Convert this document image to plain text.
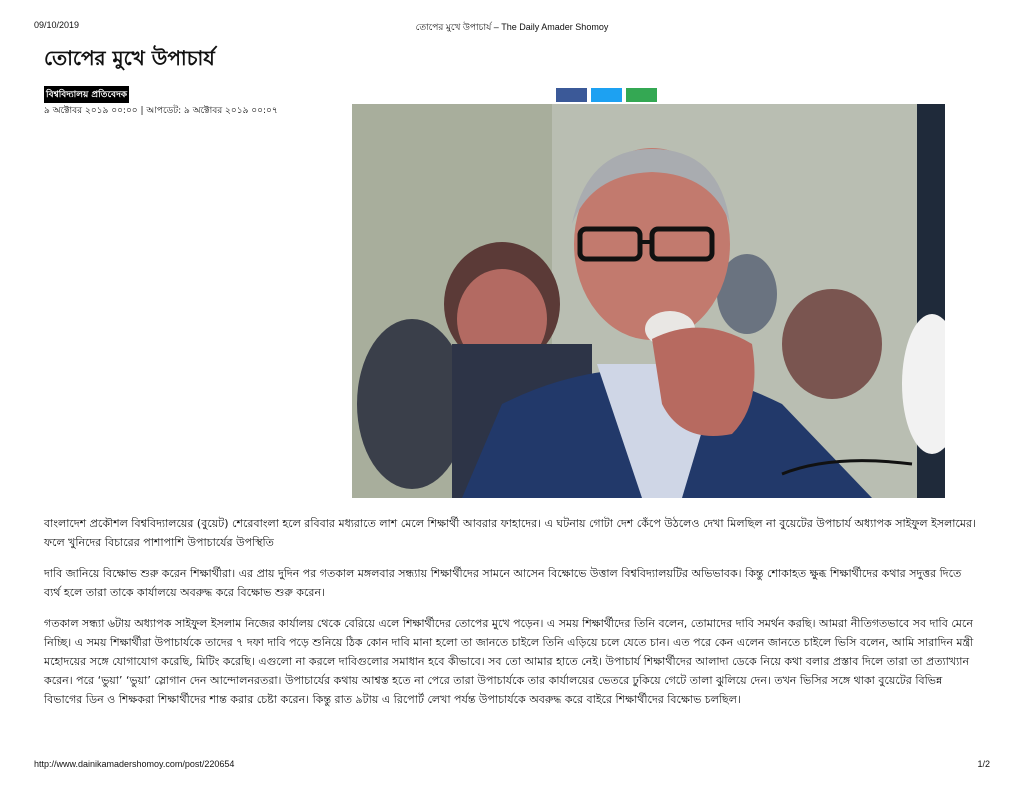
09/10/2019	তোপের মুখে উপাচার্য – The Daily Amader Shomoy
তোপের মুখে উপাচার্য
বিশ্ববিদ্যালয় প্রতিবেদক
৯ অক্টোবর ২০১৯ ০০:০০ | আপডেট: ৯ অক্টোবর ২০১৯ ০০:০৭

বাংলাদেশ প্রকৌশল বিশ্ববিদ্যালয়ের (বুয়েট) শেরেবাংলা হলে রবিবার মধ্যরাতে লাশ মেলে শিক্ষার্থী আবরার ফাহাদের। এ ঘটনায় গোটা দেশ কেঁপে উঠলেও দেখা মিলছিল না বুয়েটের উপাচার্য অধ্যাপক সাইফুল ইসলামের। ফলে খুনিদের বিচারের পাশাপাশি উপাচার্যের উপস্থিতি

দাবি জানিয়ে বিক্ষোভ শুরু করেন শিক্ষার্থীরা। এর প্রায় দুদিন পর গতকাল মঙ্গলবার সন্ধ্যায় শিক্ষার্থীদের সামনে আসেন বিক্ষোভে উত্তাল বিশ্ববিদ্যালয়টির অভিভাবক। কিন্তু শোকাহত ক্ষুব্ধ শিক্ষার্থীদের কথার সদুত্তর দিতে ব্যর্থ হলে তারা তাকে কার্যালয়ে অবরুদ্ধ করে বিক্ষোভ শুরু করেন।

গতকাল সন্ধ্যা ৬টায় অধ্যাপক সাইফুল ইসলাম নিজের কার্যালয় থেকে বেরিয়ে এলে শিক্ষার্থীদের তোপের মুখে পড়েন। এ সময় শিক্ষার্থীদের তিনি বলেন, তোমাদের দাবি সমর্থন করছি। আমরা নীতিগতভাবে সব দাবি মেনে নিচ্ছি। এ সময় শিক্ষার্থীরা উপাচার্যকে তাদের ৭ দফা দাবি পড়ে শুনিয়ে ঠিক কোন দাবি মানা হলো তা জানতে চাইলে তিনি এড়িয়ে চলে যেতে চান। এত পরে কেন এলেন জানতে চাইলে ভিসি বলেন, আমি সারাদিন মন্ত্রী মহোদয়ের সঙ্গে যোগাযোগ করেছি, মিটিং করেছি। এগুলো না করলে দাবিগুলোর সমাধান হবে কীভাবে। সব তো আমার হাতে নেই। উপাচার্য শিক্ষার্থীদের আলাদা ডেকে নিয়ে কথা বলার প্রস্তাব দিলে তারা তা প্রত্যাখ্যান করেন। পরে ‘ভুয়া’ ‘ভুয়া’ স্লোগান দেন আন্দোলনরতরা। উপাচার্যের কথায় আশ্বস্ত হতে না পেরে তারা উপাচার্যকে তার কার্যালয়ের ভেতরে ঢুকিয়ে গেটে তালা ঝুলিয়ে দেন। তখন ভিসির সঙ্গে থাকা বুয়েটের বিভিন্ন বিভাগের ডিন ও শিক্ষকরা শিক্ষার্থীদের শান্ত করার চেষ্টা করেন। কিন্তু রাত ৯টায় এ রিপোর্ট লেখা পর্যন্ত উপাচার্যকে অবরুদ্ধ করে বাইরে শিক্ষার্থীদের বিক্ষোভ চলছিল।

http://www.dainikamadershomoy.com/post/220654	1/2
